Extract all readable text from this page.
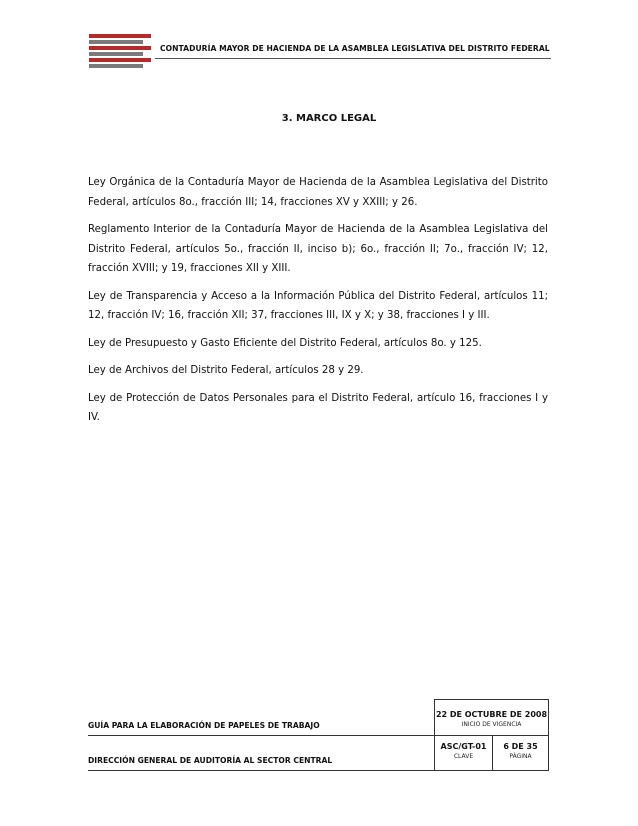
CONTADURÍA MAYOR DE HACIENDA DE LA ASAMBLEA LEGISLATIVA DEL DISTRITO FEDERAL
3. MARCO LEGAL

Ley Orgánica de la Contaduría Mayor de Hacienda de la Asamblea Legislativa del Distrito Federal, artículos 8o., fracción III; 14, fracciones XV y XXIII; y 26.

Reglamento Interior de la Contaduría Mayor de Hacienda de la Asamblea Legislativa del Distrito Federal, artículos 5o., fracción II, inciso b); 6o., fracción II; 7o., fracción IV; 12, fracción XVIII; y 19, fracciones XII y XIII.

Ley de Transparencia y Acceso a la Información Pública del Distrito Federal, artículos 11; 12, fracción IV; 16, fracción XII; 37, fracciones III, IX y X; y 38, fracciones I y III.

Ley de Presupuesto y Gasto Eficiente del Distrito Federal, artículos 8o. y 125.

Ley de Archivos del Distrito Federal, artículos 28 y 29.

Ley de Protección de Datos Personales para el Distrito Federal, artículo 16, fracciones I y IV.

GUÍA PARA LA ELABORACIÓN DE PAPELES DE TRABAJO
DIRECCIÓN GENERAL DE AUDITORÍA AL SECTOR CENTRAL
22 DE OCTUBRE DE 2008
INICIO DE VIGENCIA
ASC/GT-01
CLAVE
6 DE 35
PÁGINA
